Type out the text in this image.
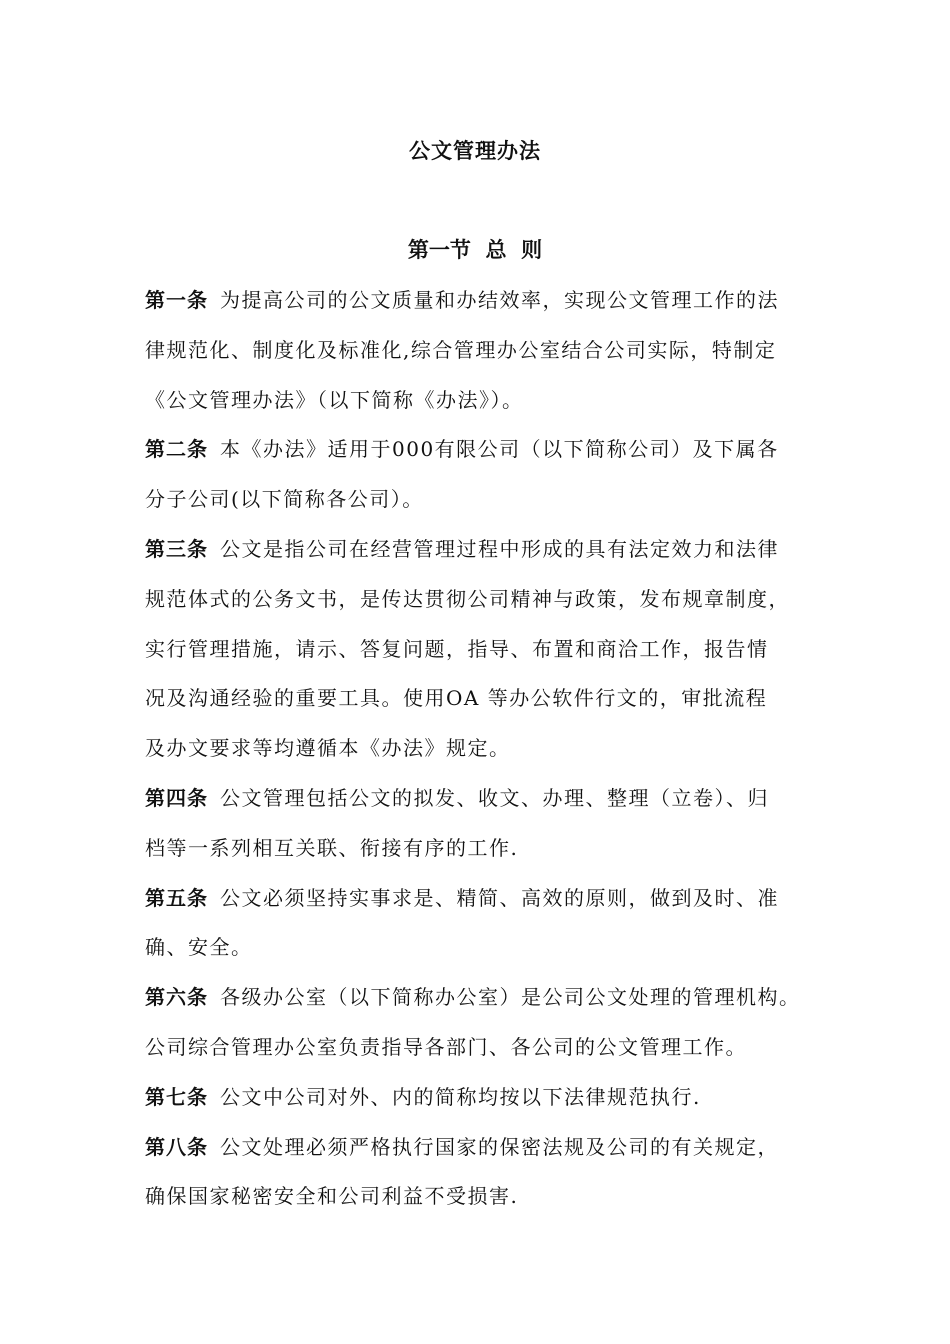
公文管理办法
第一节  总  则
第一条 为提高公司的公文质量和办结效率，实现公文管理工作的法
律规范化、制度化及标准化,综合管理办公室结合公司实际，特制定
《公文管理办法》（以下简称《办法》）。
第二条 本《办法》适用于000有限公司（以下简称公司）及下属各
分子公司(以下简称各公司）。
第三条 公文是指公司在经营管理过程中形成的具有法定效力和法律
规范体式的公务文书，是传达贯彻公司精神与政策，发布规章制度，
实行管理措施，请示、答复问题，指导、布置和商洽工作，报告情
况及沟通经验的重要工具。使用OA 等办公软件行文的，审批流程
及办文要求等均遵循本《办法》规定。
第四条 公文管理包括公文的拟发、收文、办理、整理（立卷）、归
档等一系列相互关联、衔接有序的工作.
第五条 公文必须坚持实事求是、精简、高效的原则，做到及时、准
确、安全。
第六条 各级办公室（以下简称办公室）是公司公文处理的管理机构。
公司综合管理办公室负责指导各部门、各公司的公文管理工作。
第七条 公文中公司对外、内的简称均按以下法律规范执行.
第八条 公文处理必须严格执行国家的保密法规及公司的有关规定，
确保国家秘密安全和公司利益不受损害.
